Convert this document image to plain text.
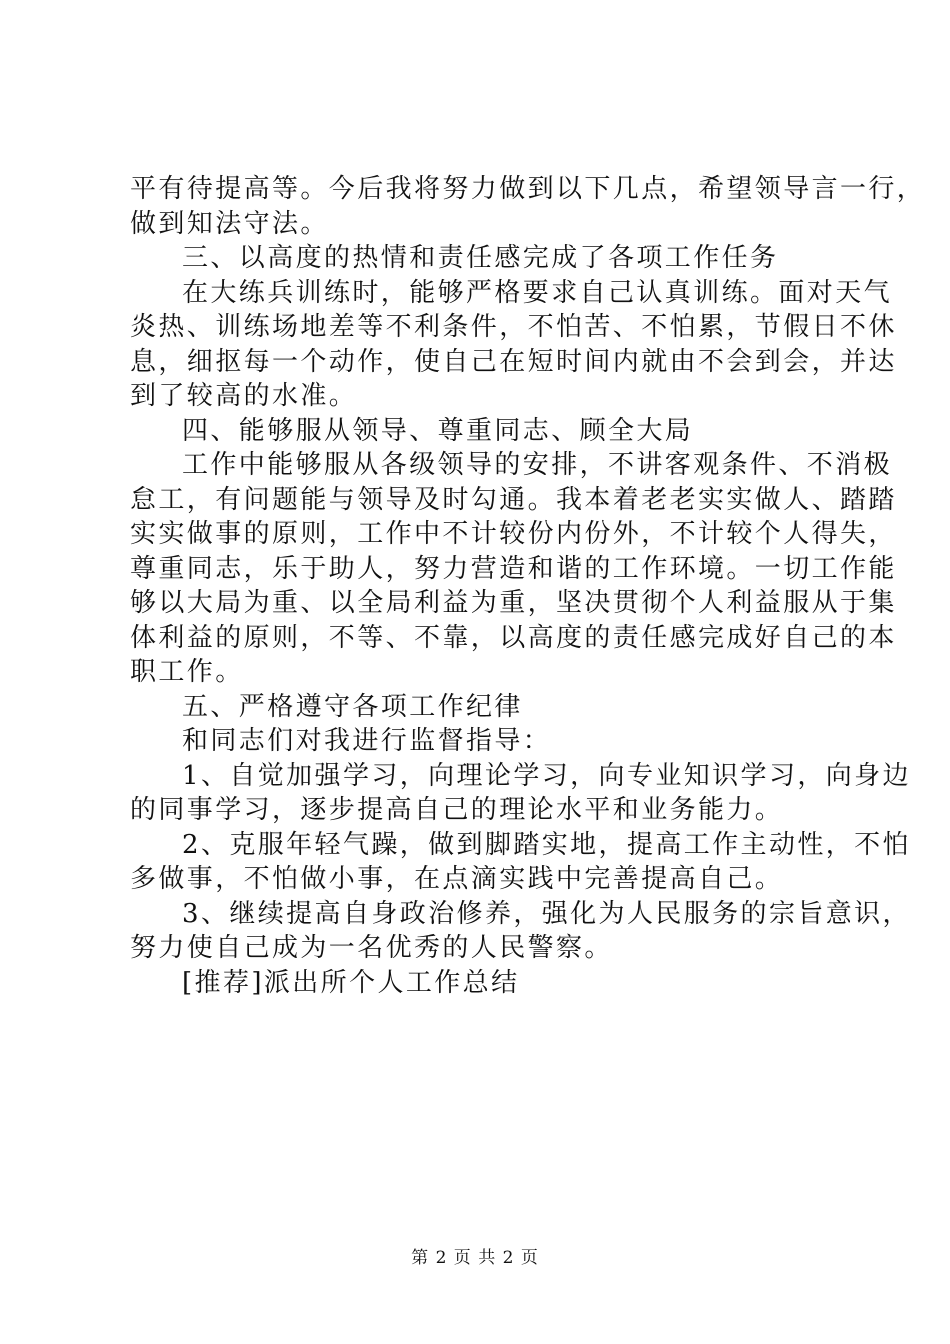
平有待提高等。今后我将努力做到以下几点，希望领导言一行，
做到知法守法。
三、以高度的热情和责任感完成了各项工作任务
在大练兵训练时，能够严格要求自己认真训练。面对天气
炎热、训练场地差等不利条件，不怕苦、不怕累，节假日不休
息，细抠每一个动作，使自己在短时间内就由不会到会，并达
到了较高的水准。
四、能够服从领导、尊重同志、顾全大局
工作中能够服从各级领导的安排，不讲客观条件、不消极
怠工，有问题能与领导及时勾通。我本着老老实实做人、踏踏
实实做事的原则，工作中不计较份内份外，不计较个人得失，
尊重同志，乐于助人，努力营造和谐的工作环境。一切工作能
够以大局为重、以全局利益为重，坚决贯彻个人利益服从于集
体利益的原则，不等、不靠，以高度的责任感完成好自己的本
职工作。
五、严格遵守各项工作纪律
和同志们对我进行监督指导：
1、自觉加强学习，向理论学习，向专业知识学习，向身边
的同事学习，逐步提高自己的理论水平和业务能力。
2、克服年轻气躁，做到脚踏实地，提高工作主动性，不怕
多做事，不怕做小事，在点滴实践中完善提高自己。
3、继续提高自身政治修养，强化为人民服务的宗旨意识，
努力使自己成为一名优秀的人民警察。
[推荐]派出所个人工作总结
第 2 页 共 2 页
